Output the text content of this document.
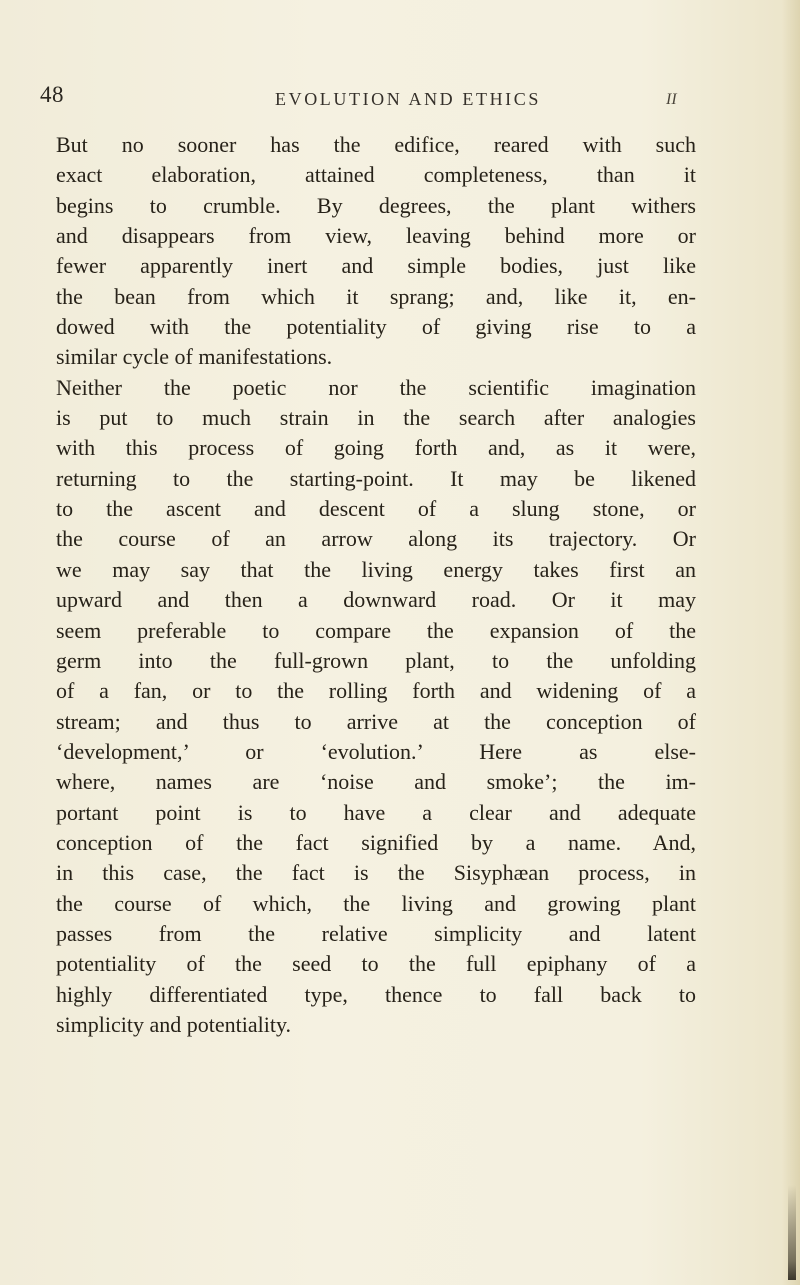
48	EVOLUTION AND ETHICS	II
But no sooner has the edifice, reared with such
exact elaboration, attained completeness, than it
begins to crumble. By degrees, the plant withers
and disappears from view, leaving behind more or
fewer apparently inert and simple bodies, just like
the bean from which it sprang; and, like it, en-
dowed with the potentiality of giving rise to a
similar cycle of manifestations.
Neither the poetic nor the scientific imagination
is put to much strain in the search after analogies
with this process of going forth and, as it were,
returning to the starting-point. It may be likened
to the ascent and descent of a slung stone, or
the course of an arrow along its trajectory. Or
we may say that the living energy takes first an
upward and then a downward road. Or it may
seem preferable to compare the expansion of the
germ into the full-grown plant, to the unfolding
of a fan, or to the rolling forth and widening of a
stream; and thus to arrive at the conception of
‘development,’ or ‘evolution.’ Here as else-
where, names are ‘noise and smoke’; the im-
portant point is to have a clear and adequate
conception of the fact signified by a name. And,
in this case, the fact is the Sisyphæan process, in
the course of which, the living and growing plant
passes from the relative simplicity and latent
potentiality of the seed to the full epiphany of a
highly differentiated type, thence to fall back to
simplicity and potentiality.
